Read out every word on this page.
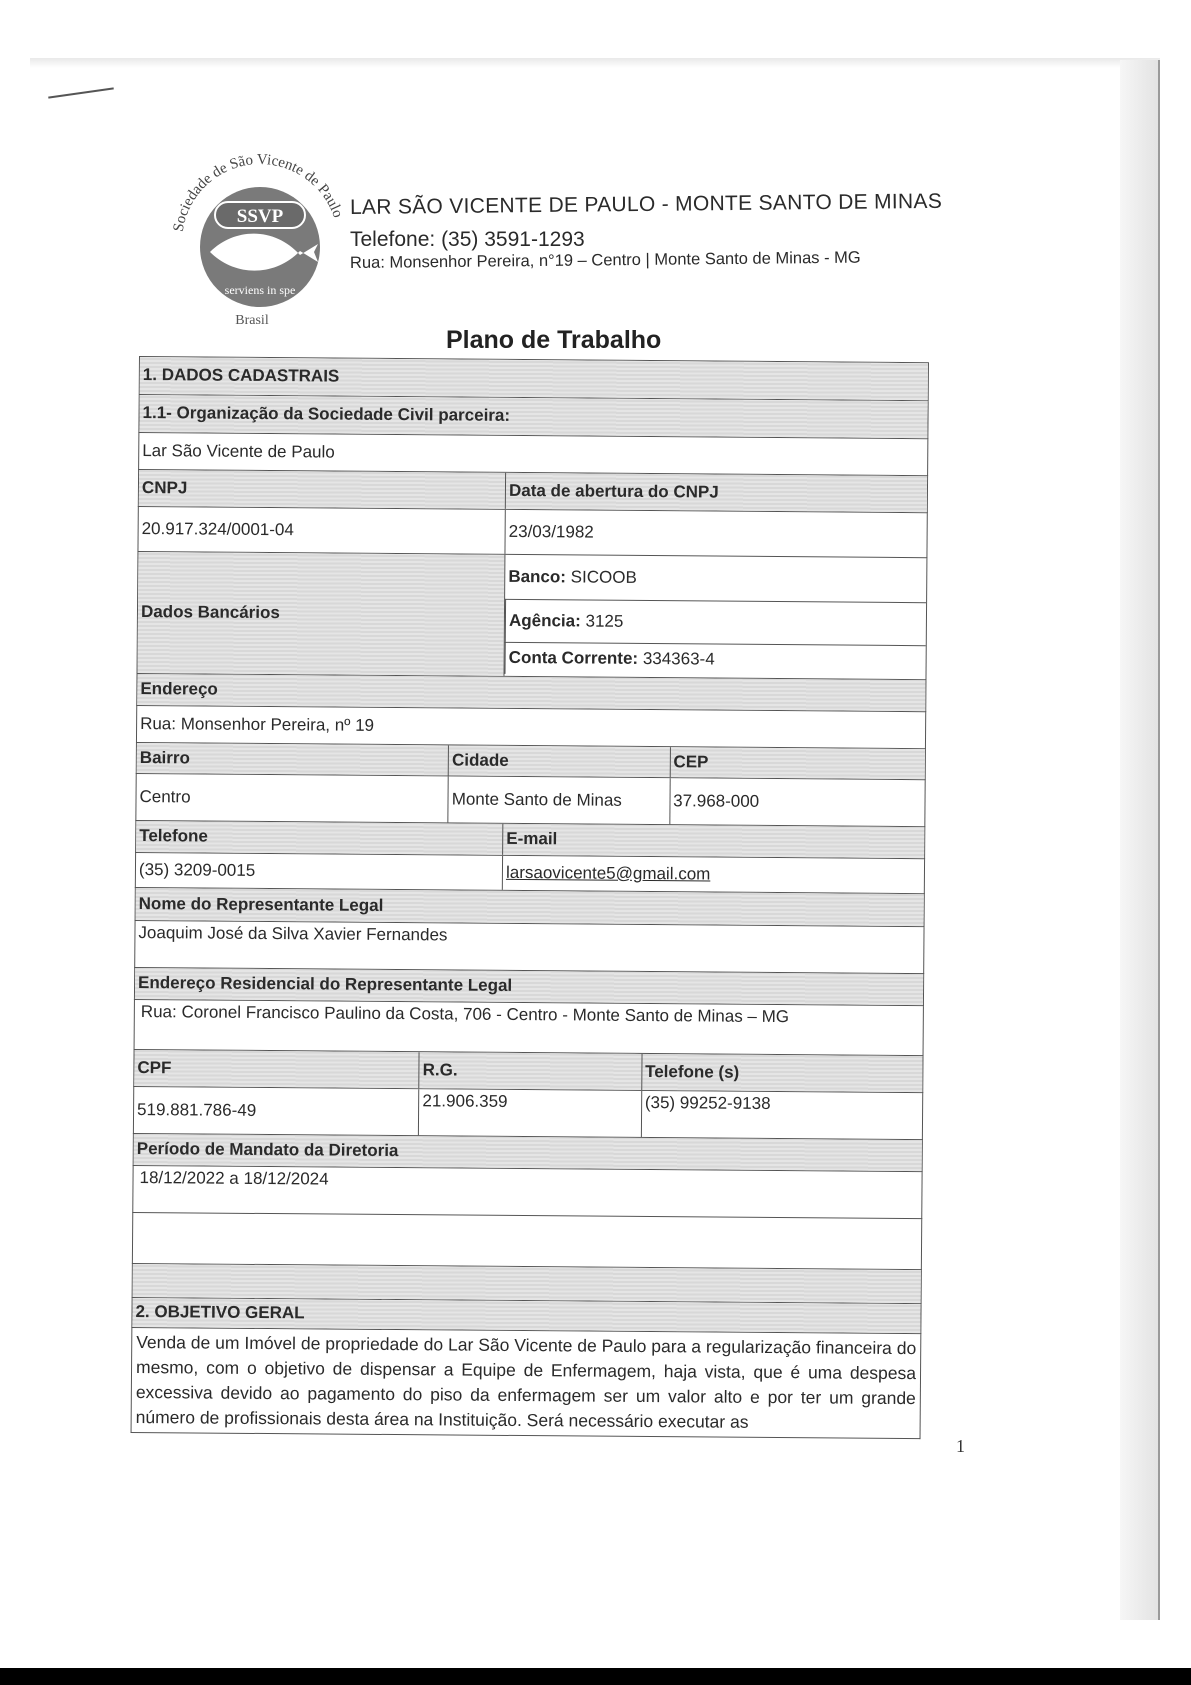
Sociedade de São Vicente de Paulo
SSVP
serviens in spe
Brasil
LAR SÃO VICENTE DE PAULO - MONTE SANTO DE MINAS
Telefone: (35) 3591-1293
Rua: Monsenhor Pereira, n°19 – Centro | Monte Santo de Minas - MG
Plano de Trabalho
1. DADOS CADASTRAIS
1.1- Organização da Sociedade Civil parceira:
Lar São Vicente de Paulo
CNPJ	Data de abertura do CNPJ
20.917.324/0001-04	23/03/1982
Dados Bancários
Banco:
SICOOB
Agência:
3125
Conta Corrente:
334363-4
Endereço
Rua: Monsenhor Pereira, nº 19
Bairro	Cidade	CEP
Centro	Monte Santo de Minas	37.968-000
Telefone	E-mail
(35) 3209-0015	larsaovicente5@gmail.com
Nome do Representante Legal
Joaquim José da Silva Xavier Fernandes
Endereço Residencial do Representante Legal
Rua: Coronel Francisco Paulino da Costa, 706 - Centro - Monte Santo de Minas – MG
CPF	R.G.	Telefone (s)
519.881.786-49	21.906.359	(35) 99252-9138
Período de Mandato da Diretoria
18/12/2022 a 18/12/2024
2. OBJETIVO GERAL
Venda de um Imóvel de propriedade do Lar São Vicente de Paulo para a regularização financeira do mesmo, com o objetivo de dispensar a Equipe de Enfermagem, haja vista, que é uma despesa excessiva devido ao pagamento do piso da enfermagem ser um valor alto e por ter um grande número de profissionais desta área na Instituição. Será necessário executar as
1
